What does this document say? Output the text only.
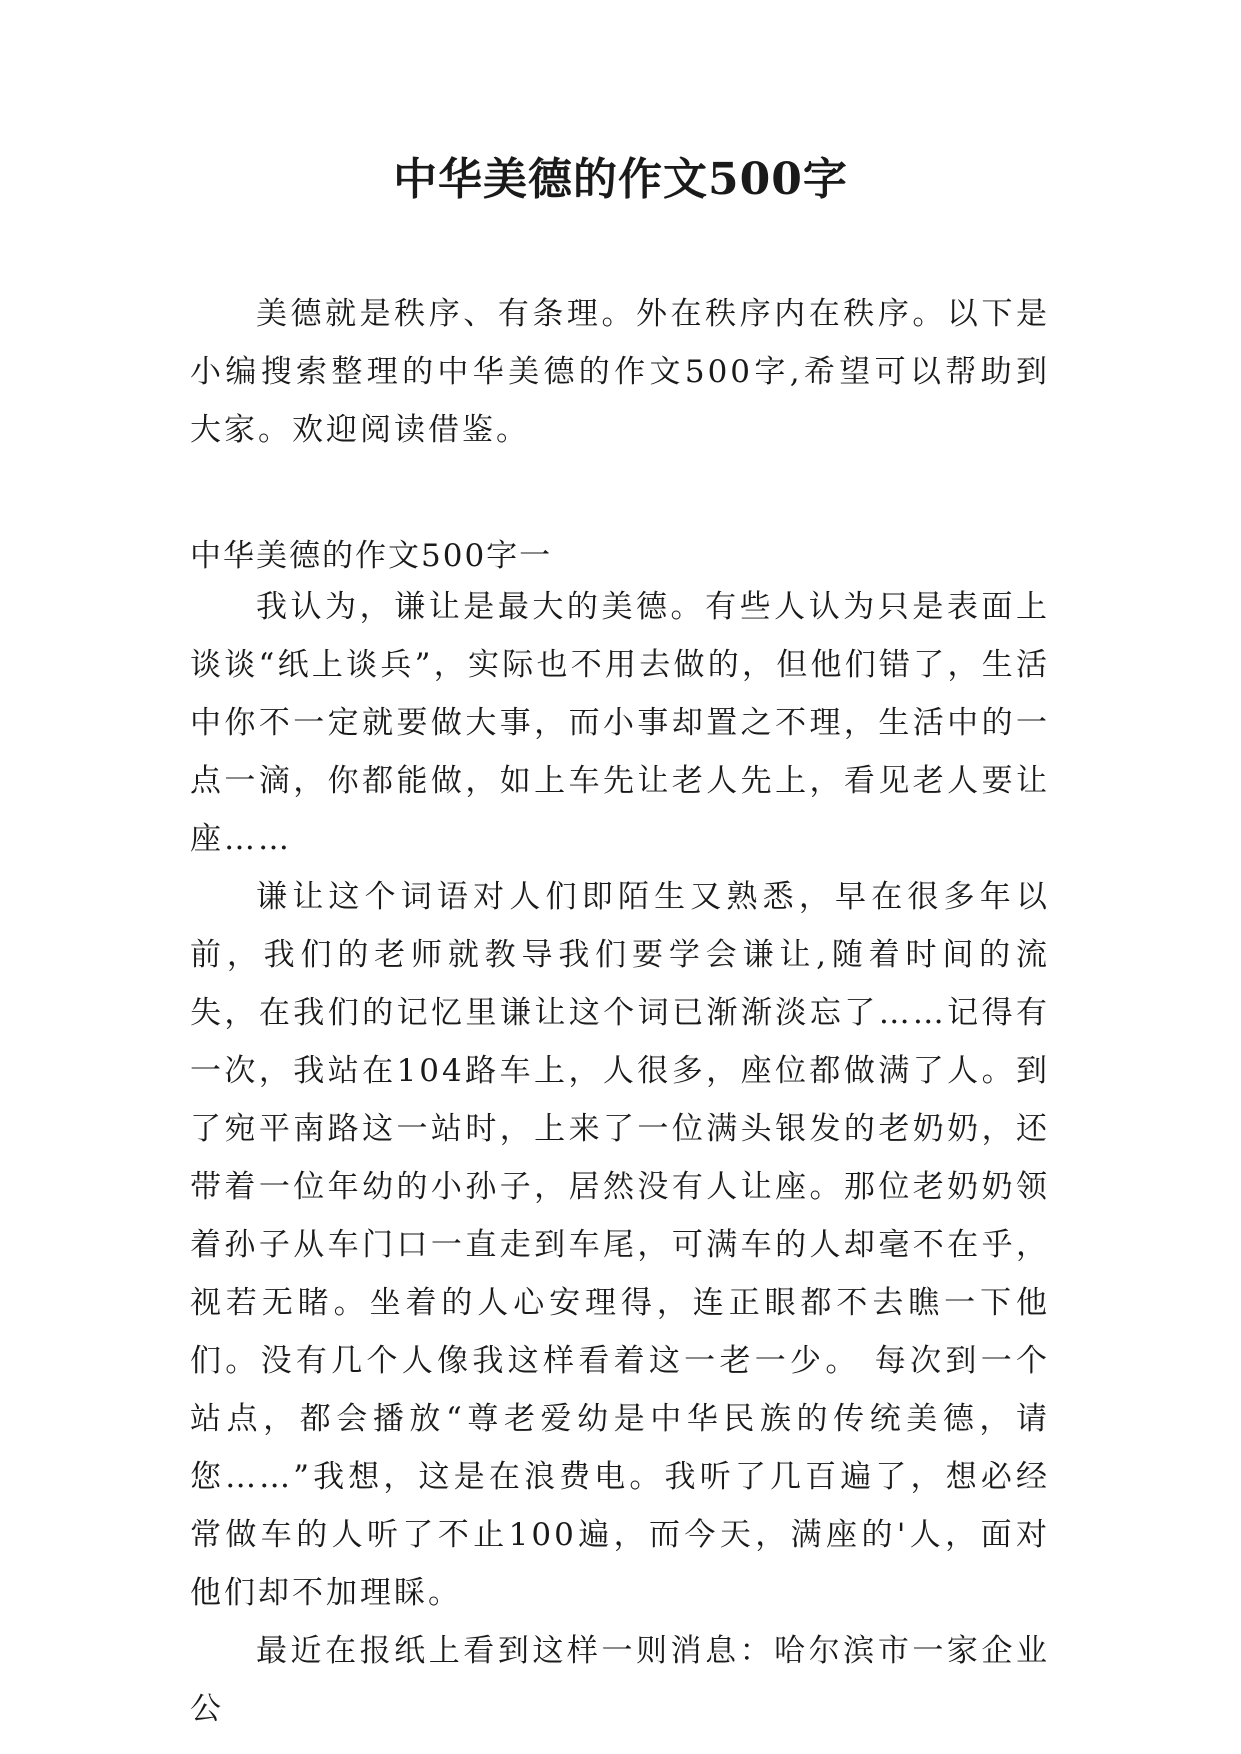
中华美德的作文500字

美德就是秩序、有条理。外在秩序内在秩序。以下是小编搜索整理的中华美德的作文500字,希望可以帮助到大家。欢迎阅读借鉴。

中华美德的作文500字一

我认为，谦让是最大的美德。有些人认为只是表面上谈谈“纸上谈兵”，实际也不用去做的，但他们错了，生活中你不一定就要做大事，而小事却置之不理，生活中的一点一滴，你都能做，如上车先让老人先上，看见老人要让座……

谦让这个词语对人们即陌生又熟悉，早在很多年以前，我们的老师就教导我们要学会谦让,随着时间的流失，在我们的记忆里谦让这个词已渐渐淡忘了……记得有一次，我站在104路车上，人很多，座位都做满了人。到了宛平南路这一站时，上来了一位满头银发的老奶奶，还带着一位年幼的小孙子，居然没有人让座。那位老奶奶领着孙子从车门口一直走到车尾，可满车的人却毫不在乎，视若无睹。坐着的人心安理得，连正眼都不去瞧一下他们。没有几个人像我这样看着这一老一少。 每次到一个站点，都会播放“尊老爱幼是中华民族的传统美德，请您……”我想，这是在浪费电。我听了几百遍了，想必经常做车的人听了不止100遍，而今天，满座的'人，面对他们却不加理睬。

最近在报纸上看到这样一则消息：哈尔滨市一家企业公
